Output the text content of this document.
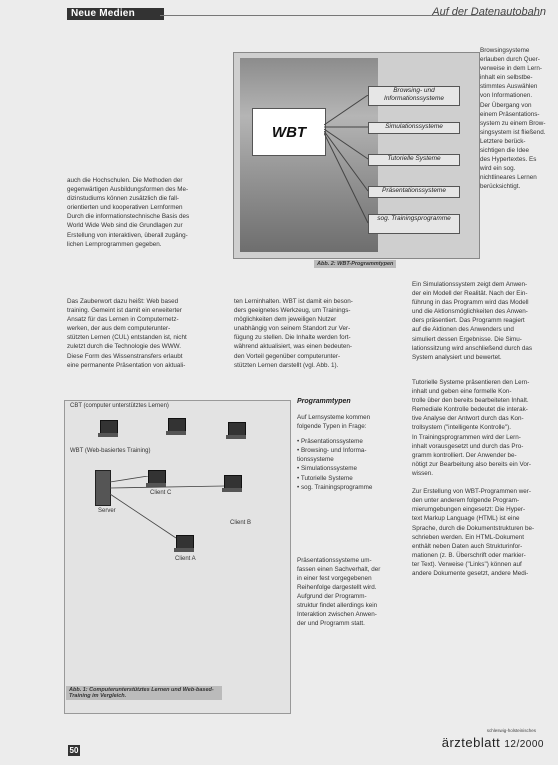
Neue Medien	Auf der Datenautobahn
WBT
Browsing- und Informationssysteme
Simulationssysteme
Tutorielle Systeme
Präsentationssysteme
sog. Trainingsprogramme
Abb. 2: WBT-Programmtypen
auch die Hochschulen. Die Methoden der
gegenwärtigen Ausbildungsformen des Me-
dizinstudiums können zusätzlich die fall-
orientierten und kooperativen Lernformen
Durch die informationstechnische Basis des
World Wide Web sind die Grundlagen zur
Erstellung von interaktiven, überall zugäng-
lichen Lernprogrammen gegeben.
Das Zauberwort dazu heißt: Web based
training. Gemeint ist damit ein erweiterter
Ansatz für das Lernen in Computernetz-
werken, der aus dem computerunter-
stützten Lernen (CUL) entstanden ist, nicht
zuletzt durch die Technologie des WWW.
Diese Form des Wissenstransfers erlaubt
eine permanente Präsentation von aktuali-
ten Lerninhalten. WBT ist damit ein beson-
ders geeignetes Werkzeug, um Trainings-
möglichkeiten dem jeweiligen Nutzer
unabhängig von seinem Standort zur Ver-
fügung zu stellen. Die Inhalte werden fort-
während aktualisiert, was einen bedeuten-
den Vorteil gegenüber computerunter-
stützten Lernen darstellt (vgl. Abb. 1).
Browsingsysteme
erlauben durch Quer-
verweise in dem Lern-
inhalt ein selbstbe-
stimmtes Auswählen
von Informationen.
Der Übergang von
einem Präsentations-
system zu einem Brow-
singsystem ist fließend.
Letztere berück-
sichtigen die Idee
des Hypertextes. Es
wird ein sog.
nichtlineares Lernen
berücksichtigt.
Ein Simulationssystem zeigt dem Anwen-
der ein Modell der Realität. Nach der Ein-
führung in das Programm wird das Modell
und die Aktionsmöglichkeiten des Anwen-
ders präsentiert. Das Programm reagiert
auf die Aktionen des Anwenders und
simuliert dessen Ergebnisse. Die Simu-
lationssitzung wird anschließend durch das
System analysiert und bewertet.
Tutorielle Systeme präsentieren den Lern-
inhalt und geben eine formelle Kon-
trolle über den bereits bearbeiteten Inhalt.
Remediale Kontrolle bedeutet die interak-
tive Analyse der Antwort durch das Kon-
trollsystem ("intelligente Kontrolle").
In Trainingsprogrammen wird der Lern-
inhalt vorausgesetzt und durch das Pro-
gramm kontrolliert. Der Anwender be-
nötigt zur Bearbeitung also bereits ein Vor-
wissen.

Zur Erstellung von WBT-Programmen wer-
den unter anderem folgende Program-
mierumgebungen eingesetzt: Die Hyper-
text Markup Language (HTML) ist eine
Sprache, durch die Dokumentstrukturen be-
schrieben werden. Ein HTML-Dokument
enthält neben Daten auch Strukturinfor-
mationen (z. B. Überschrift oder markier-
ter Text). Verweise ("Links") können auf
andere Dokumente gesetzt, andere Medi-
CBT (computer unterstütztes Lernen)
WBT (Web-basiertes Training)
Server
Client C
Client B
Client A
Abb. 1: Computerunterstütztes Lernen und Web-based-Training im Vergleich.
Programmtypen
Auf Lernsysteme kommen
folgende Typen in Frage:
• Präsentationssysteme
• Browsing- und Informa-
tionssysteme
• Simulationssysteme
• Tutorielle Systeme
• sog. Trainingsprogramme
Präsentationssysteme um-
fassen einen Sachverhalt, der
in einer fest vorgegebenen
Reihenfolge dargestellt wird.
Aufgrund der Programm-
struktur findet allerdings kein
Interaktion zwischen Anwen-
der und Programm statt.
50
schleswig-holsteinisches
ärzteblatt 12/2000
